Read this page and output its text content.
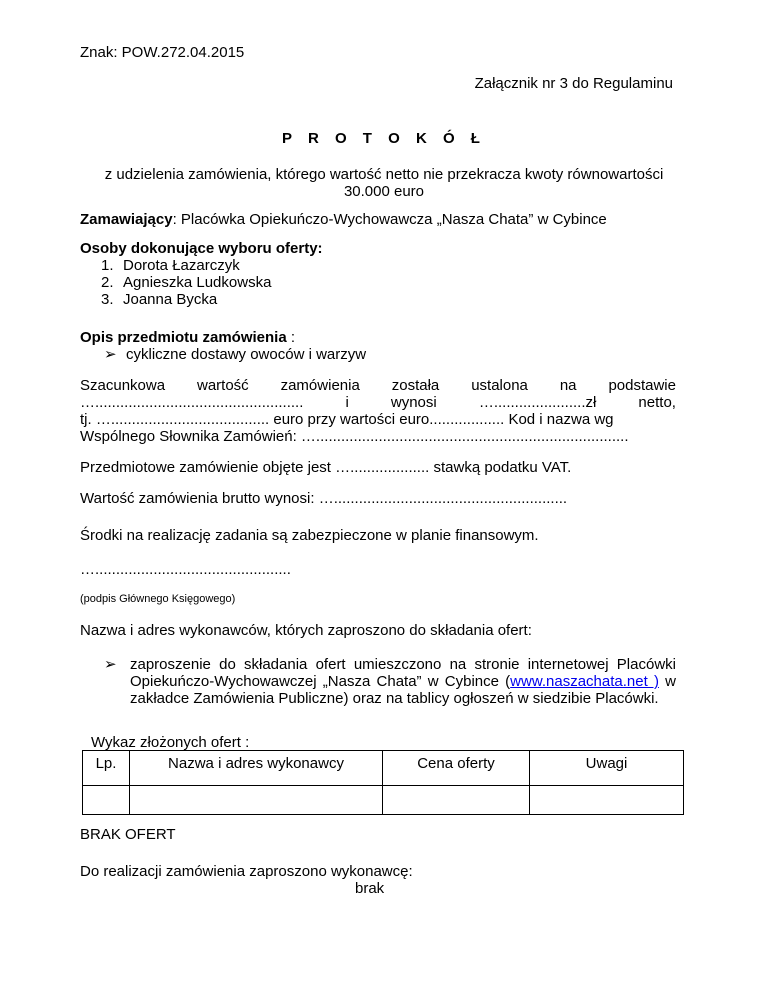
Znak: POW.272.04.2015
Załącznik nr 3 do Regulaminu
P R O T O K Ó Ł
z udzielenia zamówienia, którego wartość netto nie przekracza kwoty równowartości
30.000 euro
Zamawiający: Placówka Opiekuńczo-Wychowawcza „Nasza Chata” w Cybince
Osoby dokonujące wyboru oferty:
1. Dorota Łazarczyk
2. Agnieszka Ludkowska
3. Joanna Bycka
Opis przedmiotu zamówienia :
➢ cykliczne dostawy owoców i warzyw
Szacunkowa wartość zamówienia została ustalona na podstawie
…..................................................	i	wynosi	…......................zł	netto,
tj. …...................................... euro przy wartości euro.................. Kod i nazwa wg
Wspólnego Słownika Zamówień: …...........................................................................
Przedmiotowe zamówienie objęte jest …................... stawką podatku VAT.
Wartość zamówienia brutto wynosi: …........................................................
Środki na realizację zadania są zabezpieczone w planie finansowym.
…...............................................
(podpis Głównego Księgowego)
Nazwa i adres wykonawców, których zaproszono do składania ofert:
➢ zaproszenie do składania ofert umieszczono na stronie internetowej Placówki Opiekuńczo-Wychowawczej „Nasza Chata” w Cybince (www.naszachata.net ) w zakładce Zamówienia Publiczne) oraz na tablicy ogłoszeń w siedzibie Placówki.
Wykaz złożonych ofert :
Lp.	Nazwa i adres wykonawcy	Cena oferty	Uwagi

BRAK OFERT
Do realizacji zamówienia zaproszono wykonawcę:
brak
